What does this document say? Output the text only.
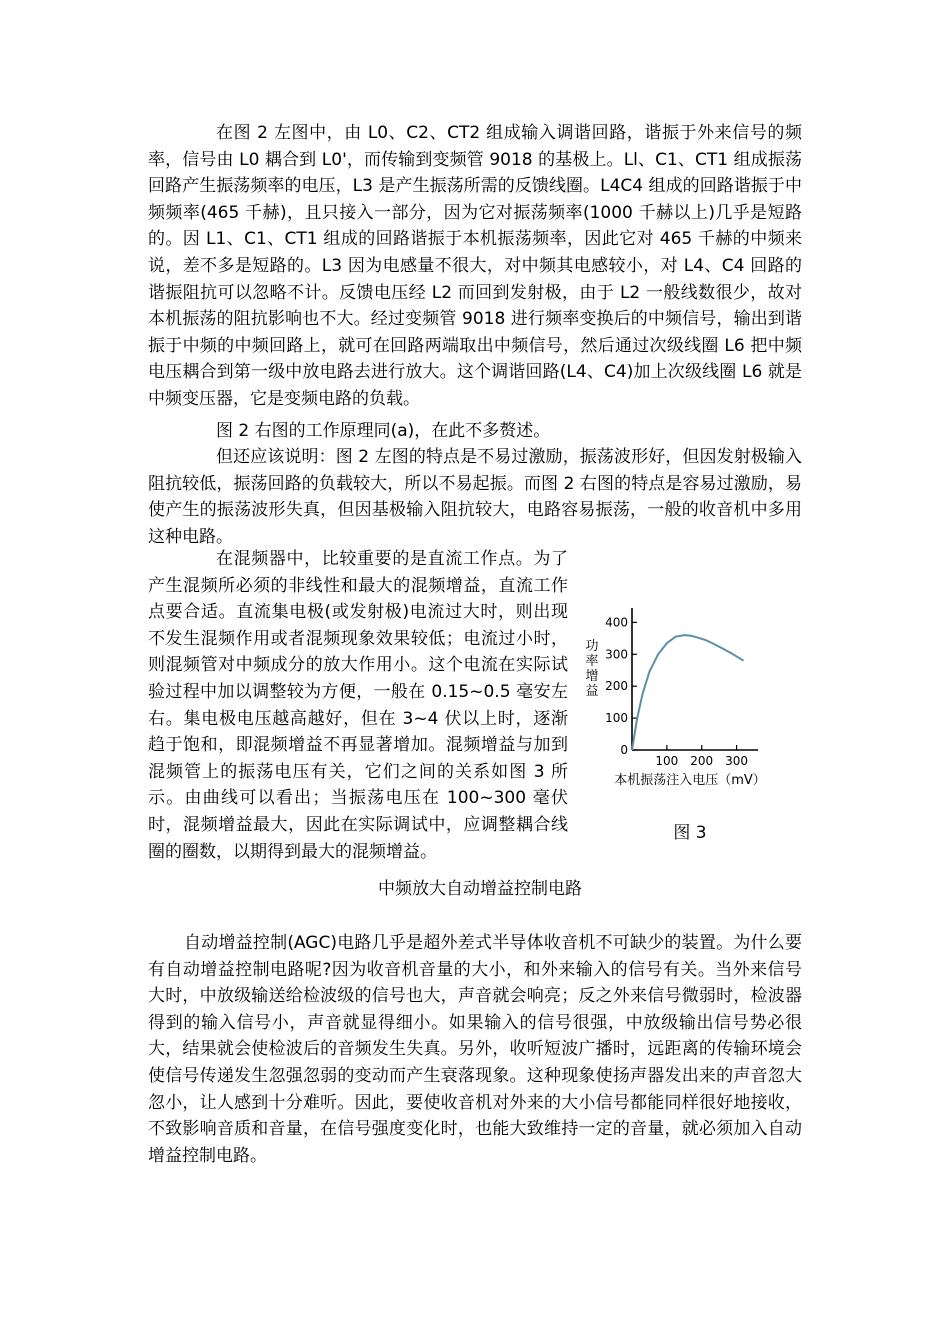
在图 2 左图中，由 L0、C2、CT2 组成输入调谐回路，谐振于外来信号的频率，信号由 L0 耦合到 L0'，而传输到变频管 9018 的基极上。Ll、C1、CT1 组成振荡回路产生振荡频率的电压，L3 是产生振荡所需的反馈线圈。L4C4 组成的回路谐振于中频频率(465 千赫)，且只接入一部分，因为它对振荡频率(1000 千赫以上)几乎是短路的。因 L1、C1、CT1 组成的回路谐振于本机振荡频率，因此它对 465 千赫的中频来说，差不多是短路的。L3 因为电感量不很大，对中频其电感较小，对 L4、C4 回路的谐振阻抗可以忽略不计。反馈电压经 L2 而回到发射极，由于 L2 一般线数很少，故对本机振荡的阻抗影响也不大。经过变频管 9018 进行频率变换后的中频信号，输出到谐振于中频的中频回路上，就可在回路两端取出中频信号，然后通过次级线圈 L6 把中频电压耦合到第一级中放电路去进行放大。这个调谐回路(L4、C4)加上次级线圈 L6 就是中频变压器，它是变频电路的负载。

图 2 右图的工作原理同(a)，在此不多赘述。

但还应该说明：图 2 左图的特点是不易过激励，振荡波形好，但因发射极输入阻抗较低，振荡回路的负载较大，所以不易起振。而图 2 右图的特点是容易过激励，易使产生的振荡波形失真，但因基极输入阻抗较大，电路容易振荡，一般的收音机中多用这种电路。

在混频器中，比较重要的是直流工作点。为了产生混频所必须的非线性和最大的混频增益，直流工作点要合适。直流集电极(或发射极)电流过大时，则出现不发生混频作用或者混频现象效果较低；电流过小时，则混频管对中频成分的放大作用小。这个电流在实际试验过程中加以调整较为方便，一般在 0.15~0.5 毫安左右。集电极电压越高越好，但在 3~4 伏以上时，逐渐趋于饱和，即混频增益不再显著增加。混频增益与加到混频管上的振荡电压有关，它们之间的关系如图 3 所示。由曲线可以看出；当振荡电压在 100~300 毫伏时，混频增益最大，因此在实际调试中，应调整耦合线圈的圈数，以期得到最大的混频增益。

0
100
200
300
400
100 200 300
功
率
增
益
本机振荡注入电压（mV）
图 3

中频放大自动增益控制电路

自动增益控制(AGC)电路几乎是超外差式半导体收音机不可缺少的装置。为什么要有自动增益控制电路呢?因为收音机音量的大小，和外来输入的信号有关。当外来信号大时，中放级输送给检波级的信号也大，声音就会响亮；反之外来信号微弱时，检波器得到的输入信号小，声音就显得细小。如果输入的信号很强，中放级输出信号势必很大，结果就会使检波后的音频发生失真。另外，收听短波广播时，远距离的传输环境会使信号传递发生忽强忽弱的变动而产生衰落现象。这种现象使扬声器发出来的声音忽大忽小，让人感到十分难听。因此，要使收音机对外来的大小信号都能同样很好地接收，不致影响音质和音量，在信号强度变化时，也能大致维持一定的音量，就必须加入自动增益控制电路。
